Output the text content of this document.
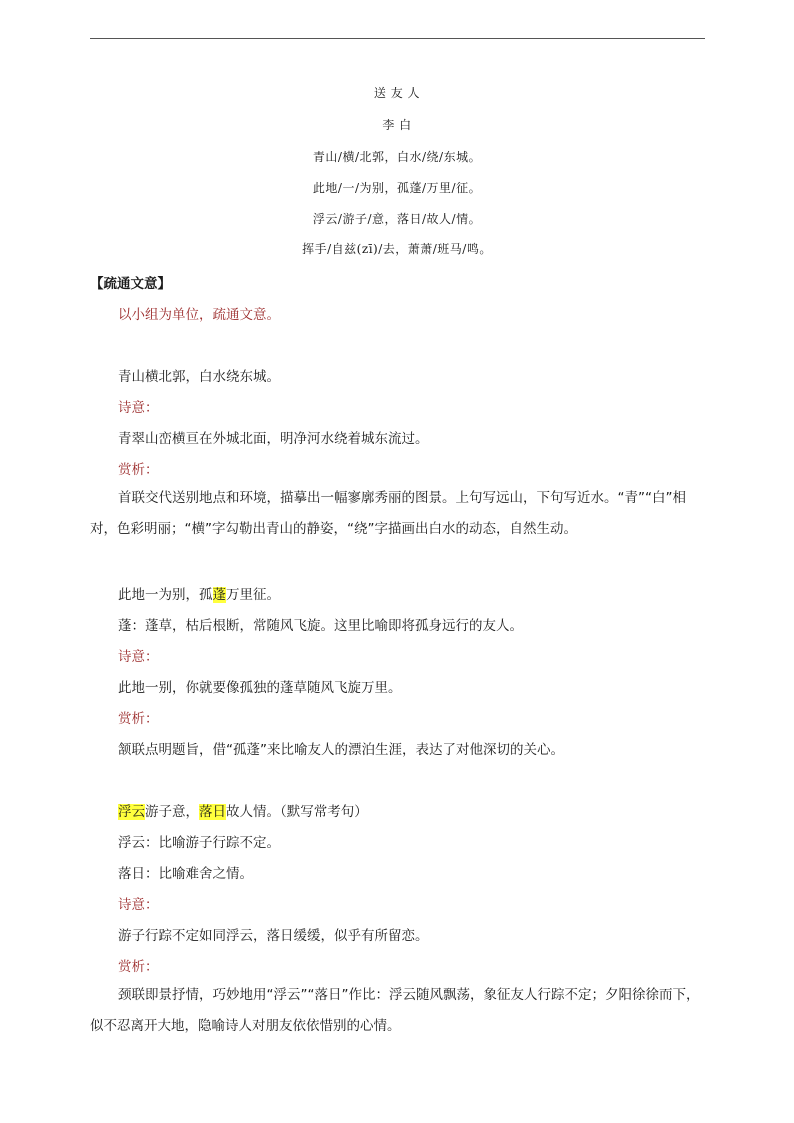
送 友 人
李 白
青山/横/北郭，白水/绕/东城。
此地/一/为别，孤蓬/万里/征。
浮云/游子/意，落日/故人/情。
挥手/自兹(zī)/去，萧萧/班马/鸣。
【疏通文意】
以小组为单位，疏通文意。
青山横北郭，白水绕东城。
诗意：
青翠山峦横亘在外城北面，明净河水绕着城东流过。
赏析：
首联交代送别地点和环境，描摹出一幅寥廓秀丽的图景。上句写远山，下句写近水。“青”“白”相对，色彩明丽；“横”字勾勒出青山的静姿，“绕”字描画出白水的动态，自然生动。
此地一为别，孤蓬万里征。
蓬：蓬草，枯后根断，常随风飞旋。这里比喻即将孤身远行的友人。
诗意：
此地一别，你就要像孤独的蓬草随风飞旋万里。
赏析：
颔联点明题旨，借“孤蓬”来比喻友人的漂泊生涯，表达了对他深切的关心。
浮云游子意，落日故人情。（默写常考句）
浮云：比喻游子行踪不定。
落日：比喻难舍之情。
诗意：
游子行踪不定如同浮云，落日缓缓，似乎有所留恋。
赏析：
颈联即景抒情，巧妙地用“浮云”“落日”作比：浮云随风飘荡，象征友人行踪不定；夕阳徐徐而下，似不忍离开大地，隐喻诗人对朋友依依惜别的心情。
